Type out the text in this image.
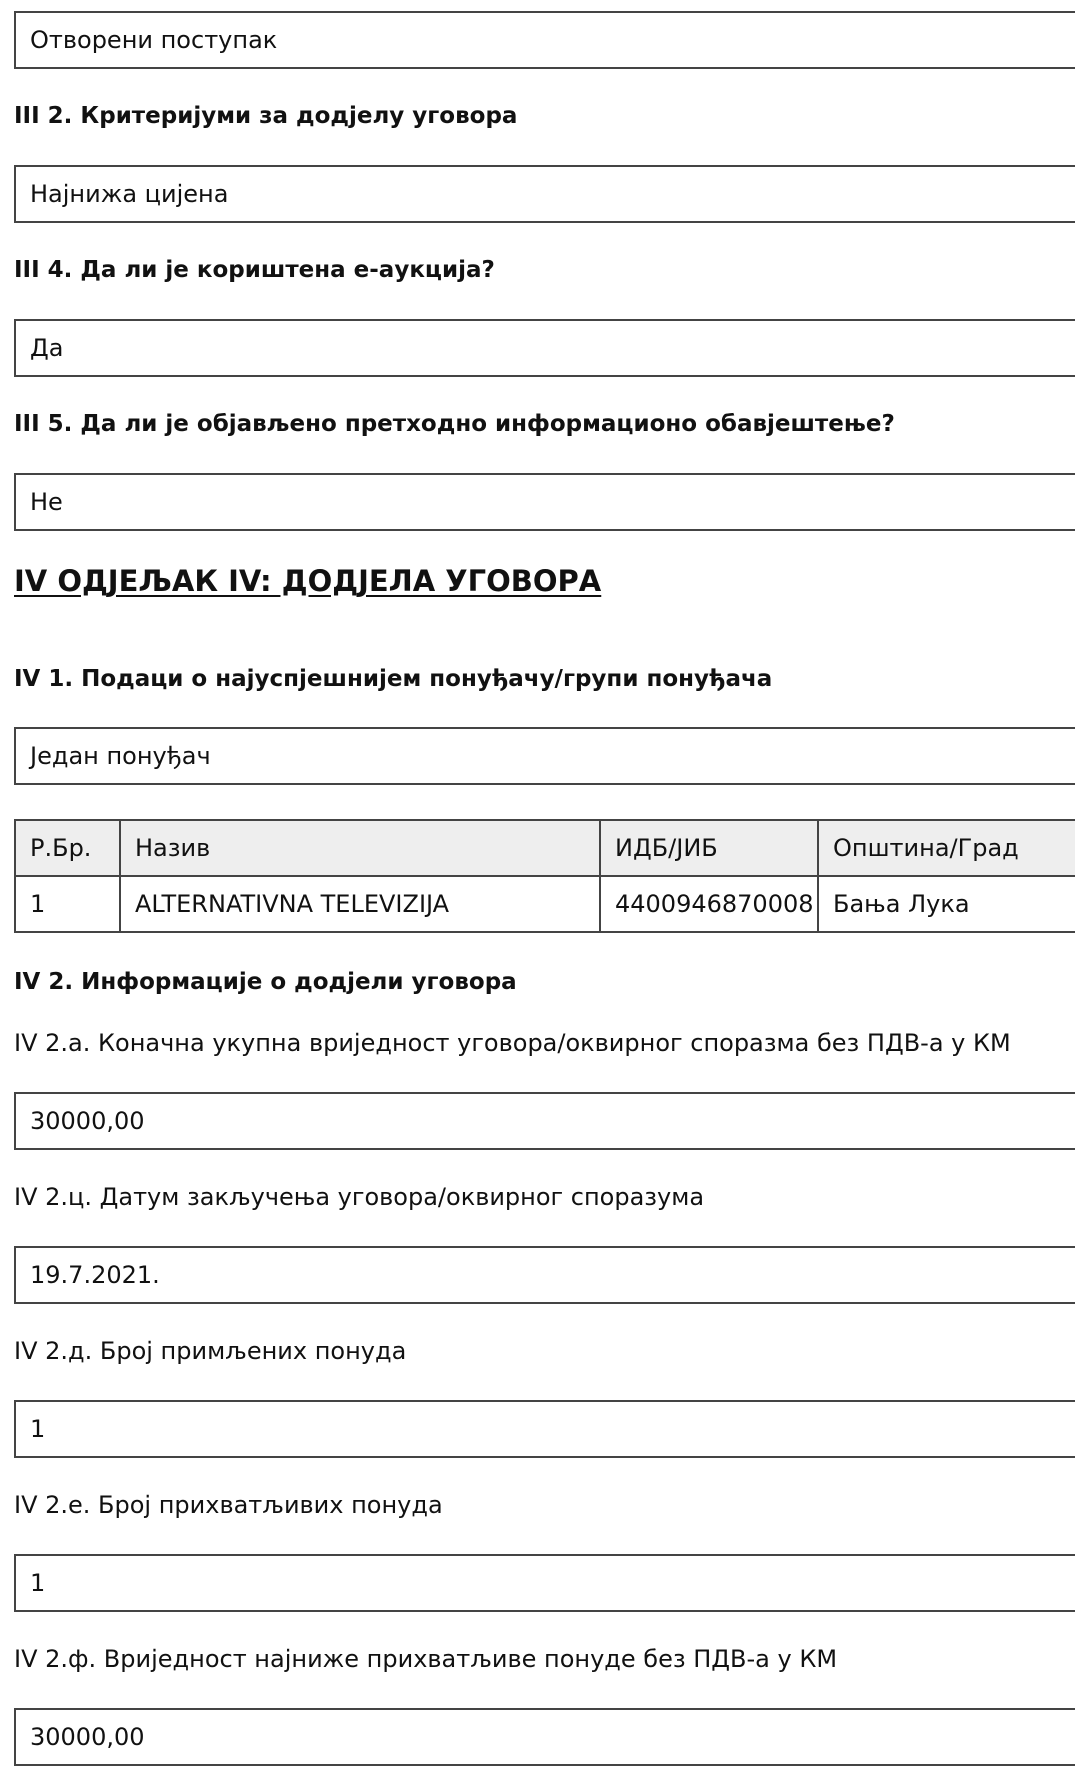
Отворени поступак
III 2. Критеријуми за додјелу уговора
Најнижа цијена
III 4. Да ли је кориштена е-аукција?
Да
III 5. Да ли је објављено претходно информационо обавјештење?
Не
IV ОДЈЕЉАК IV: ДОДЈЕЛА УГОВОРА
IV 1. Подаци о најуспјешнијем понуђачу/групи понуђача
Један понуђач
Р.Бр.	Назив	ИДБ/ЈИБ	Општина/Град
1	ALTERNATIVNA TELEVIZIJA	4400946870008	Бања Лука
IV 2. Информације о додјели уговора
IV 2.а. Коначна укупна вриједност уговора/оквирног споразма без ПДВ-а у КМ
30000,00
IV 2.ц. Датум закључења уговора/оквирног споразума
19.7.2021.
IV 2.д. Број примљених понуда
1
IV 2.е. Број прихватљивих понуда
1
IV 2.ф. Вриједност најниже прихватљиве понуде без ПДВ-а у КМ
30000,00
